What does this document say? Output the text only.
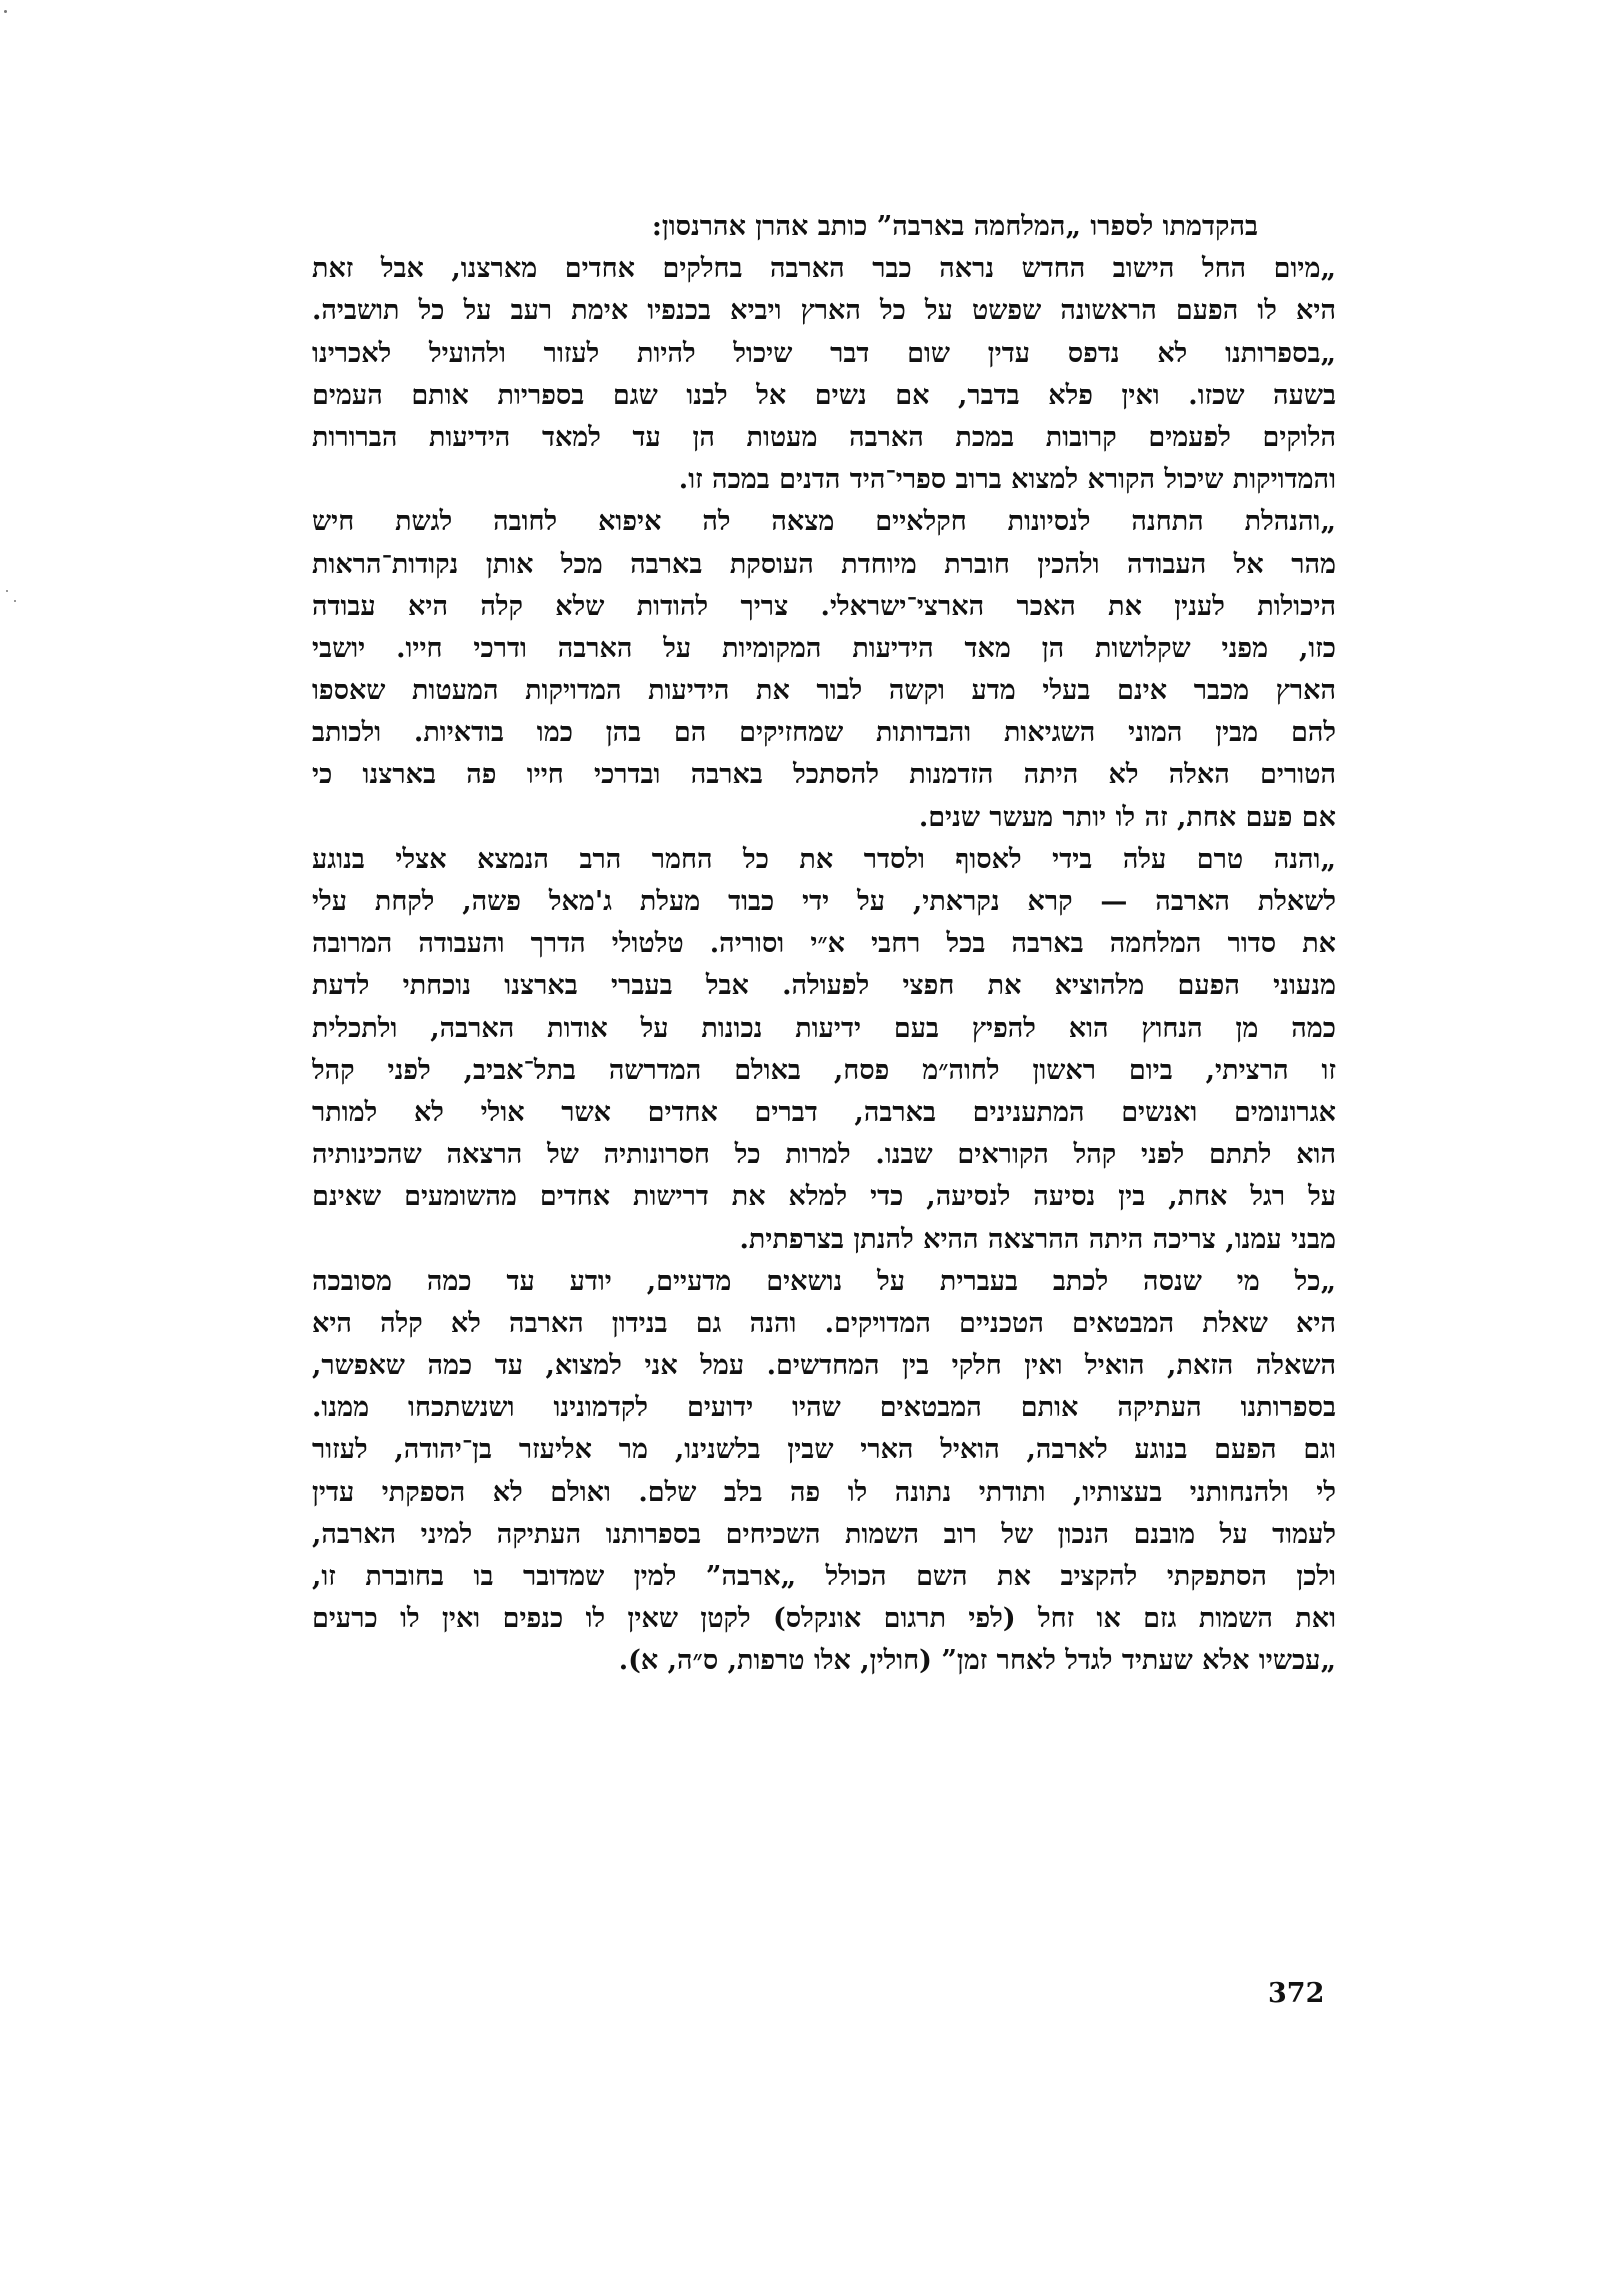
בהקדמתו לספרו „המלחמה בארבה” כותב אהרן אהרנסון:
„מיום החל הישוב החדש נראה כבר הארבה בחלקים אחדים מארצנו, אבל זאת
היא לו הפעם הראשונה שפשט על כל הארץ ויביא בכנפיו אימת רעב על כל תושביה.
„בספרותנו לא נדפס עדין שום דבר שיכול להיות לעזור ולהועיל לאכרינו
בשעה שכזו. ואין פלא בדבר, אם נשים אל לבנו שגם בספריות אותם העמים
הלוקים לפעמים קרובות במכת הארבה מעטות הן עד למאד הידיעות הברורות
והמדויקות שיכול הקורא למצוא ברוב ספרי־היד הדנים במכה זו.
„והנהלת התחנה לנסיונות חקלאיים מצאה לה איפוא לחובה לגשת חיש
מהר אל העבודה ולהכין חוברת מיוחדת העוסקת בארבה מכל אותן נקודות־הראות
היכולות לענין את האכר הארצי־ישראלי. צריך להודות שלא קלה היא עבודה
כזו, מפני שקלושות הן מאד הידיעות המקומיות על הארבה ודרכי חייו. יושבי
הארץ מכבר אינם בעלי מדע וקשה לבור את הידיעות המדויקות המעטות שאספו
להם מבין המוני השגיאות והבדותות שמחזיקים הם בהן כמו בודאיות. ולכותב
הטורים האלה לא היתה הזדמנות להסתכל בארבה ובדרכי חייו פה בארצנו כי
אם פעם אחת, זה לו יותר מעשר שנים.
„והנה טרם עלה בידי לאסוף ולסדר את כל החמר הרב הנמצא אצלי בנוגע
לשאלת הארבה — קרא נקראתי, על ידי כבוד מעלת ג'מאל פשה, לקחת עלי
את סדור המלחמה בארבה בכל רחבי א״י וסוריה. טלטולי הדרך והעבודה המרובה
מנעוני הפעם מלהוציא את חפצי לפעולה. אבל בעברי בארצנו נוכחתי לדעת
כמה מן הנחוץ הוא להפיץ בעם ידיעות נכונות על אודות הארבה, ולתכלית
זו הרציתי, ביום ראשון לחוה״מ פסח, באולם המדרשה בתל־אביב, לפני קהל
אגרונומים ואנשים המתענינים בארבה, דברים אחדים אשר אולי לא למותר
הוא לתתם לפני קהל הקוראים שבנו. למרות כל חסרונותיה של הרצאה שהכינותיה
על רגל אחת, בין נסיעה לנסיעה, כדי למלא את דרישות אחדים מהשומעים שאינם
מבני עמנו, צריכה היתה ההרצאה ההיא להנתן בצרפתית.
„כל מי שנסה לכתב בעברית על נושאים מדעיים, יודע עד כמה מסובכה
היא שאלת המבטאים הטכניים המדויקים. והנה גם בנידון הארבה לא קלה היא
השאלה הזאת, הואיל ואין חלקי בין המחדשים. עמל אני למצוא, עד כמה שאפשר,
בספרותנו העתיקה אותם המבטאים שהיו ידועים לקדמונינו ושנשתכחו ממנו.
וגם הפעם בנוגע לארבה, הואיל הארי שבין בלשנינו, מר אליעזר בן־יהודה, לעזור
לי ולהנחותני בעצותיו, ותודתי נתונה לו פה בלב שלם. ואולם לא הספקתי עדין
לעמוד על מובנם הנכון של רוב השמות השכיחים בספרותנו העתיקה למיני הארבה,
ולכן הסתפקתי להקציב את השם הכולל „ארבה” למין שמדובר בו בחוברת זו,
ואת השמות גזם או זחל (לפי תרגום אונקלס) לקטן שאין לו כנפים ואין לו כרעים
„עכשיו אלא שעתיד לגדל לאחר זמן” (חולין, אלו טרפות, ס״ה, א).
372
